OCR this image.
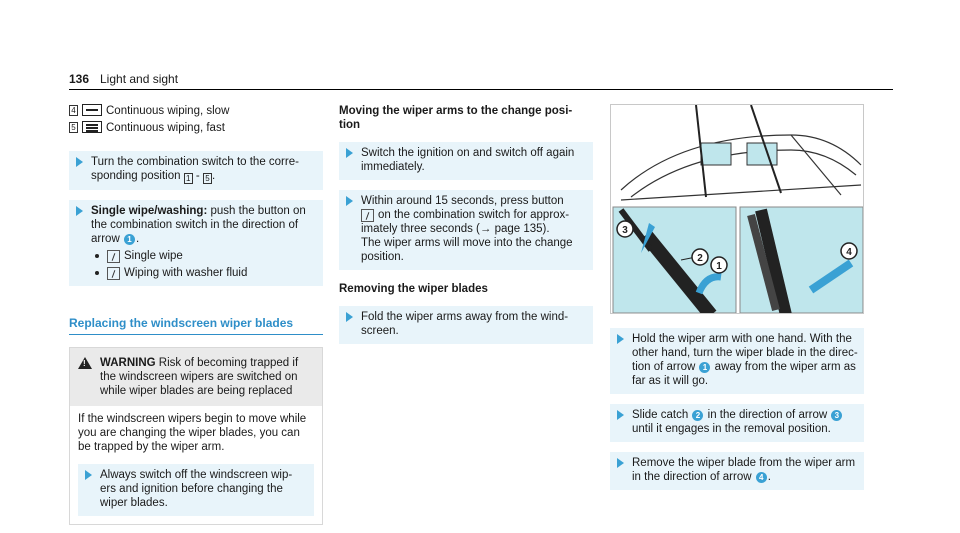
136 Light and sight
4	Continuous wiping, slow
5	Continuous wiping, fast

Turn the combination switch to the corre-

sponding position 1 - 5 .

Single wipe/washing: push the button on

the combination switch in the direction of

arrow 1 .

Single wipe
Wiping with washer fluid
Replacing the windscreen wiper blades
!

WARNING Risk of becoming trapped if

the windscreen wipers are switched on

while wiper blades are being replaced

If the windscreen wipers begin to move while

you are changing the wiper blades, you can

be trapped by the wiper arm.

Always switch off the windscreen wip-

ers and ignition before changing the

wiper blades.

Moving the wiper arms to the change posi-

tion

Switch the ignition on and switch off again

immediately.

Within around 15 seconds, press button

on the combination switch for approx-

imately three seconds (→ page 135).

The wiper arms will move into the change

position.

Removing the wiper blades

Fold the wiper arms away from the wind-

screen.

3
2
1
4

Hold the wiper arm with one hand. With the

other hand, turn the wiper blade in the direc-

tion of arrow 1 away from the wiper arm as

far as it will go.

Slide catch 2 in the direction of arrow 3

until it engages in the removal position.

Remove the wiper blade from the wiper arm

in the direction of arrow 4 .
